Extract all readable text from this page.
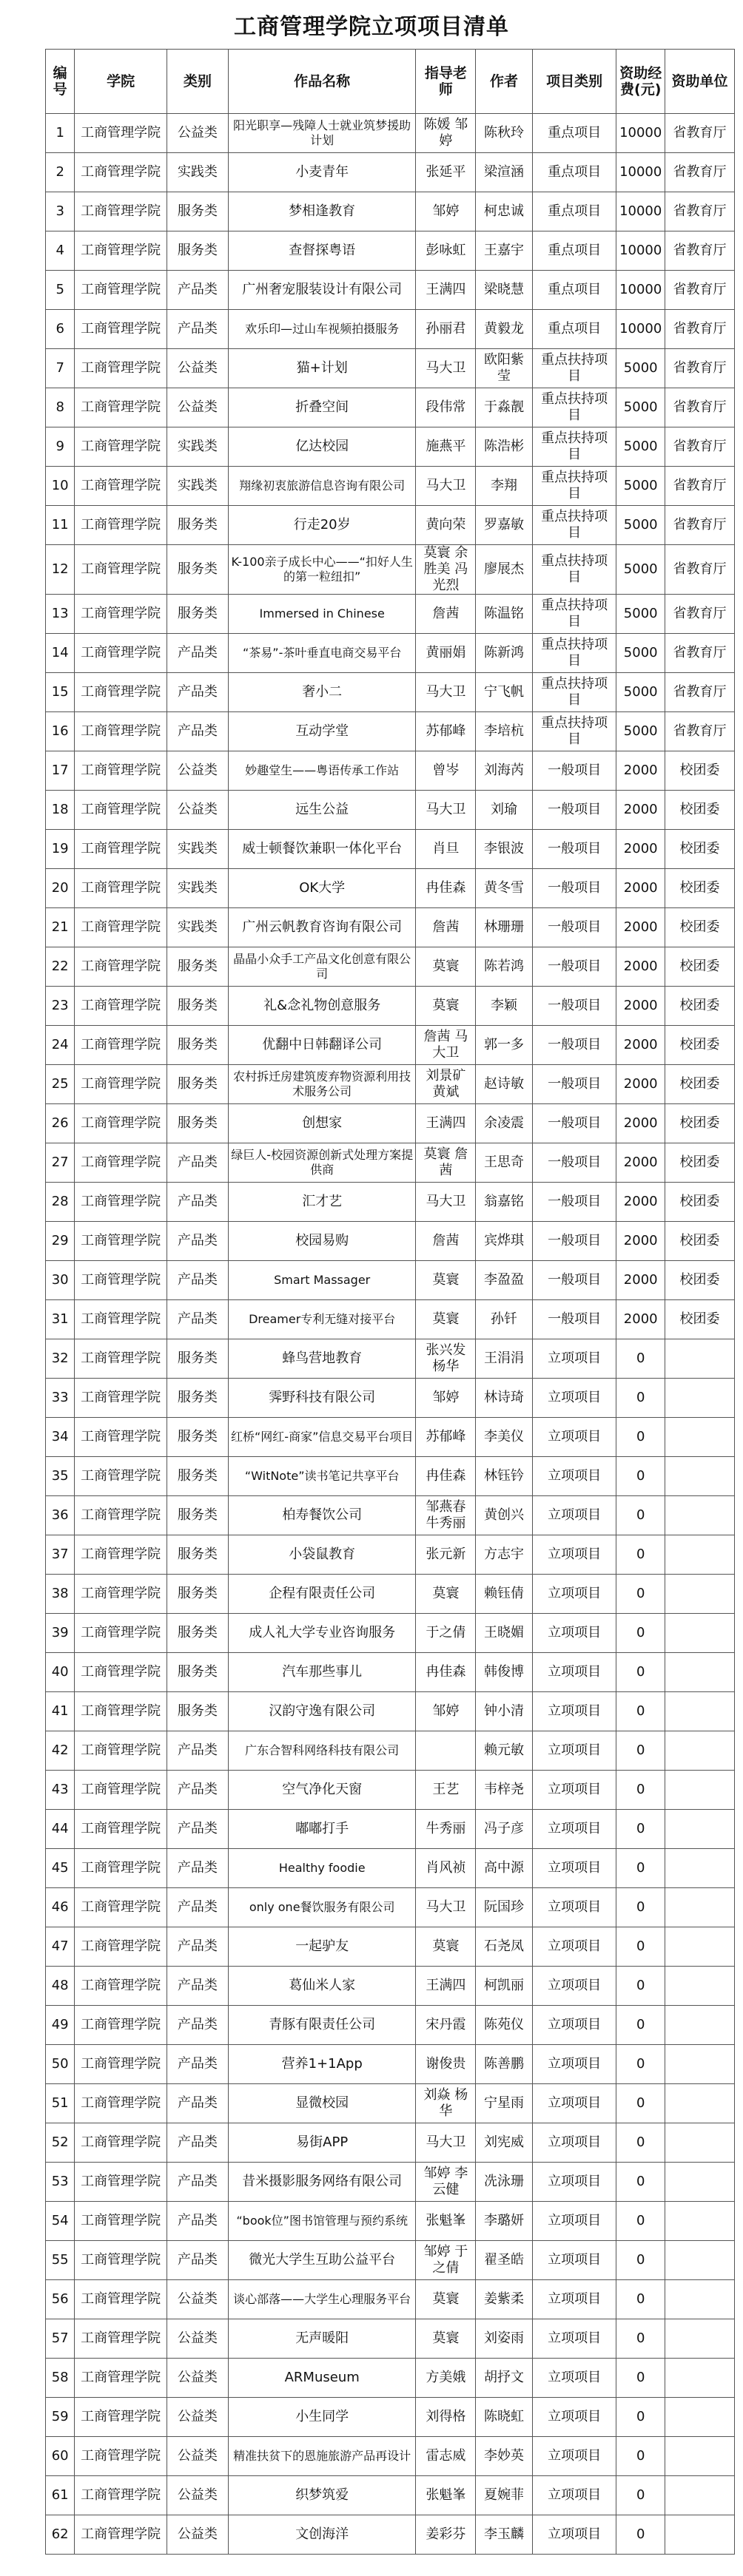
工商管理学院立项项目清单
编号	学院	类别	作品名称	指导老师	作者	项目类别	资助经费(元)	资助单位
1	工商管理学院	公益类	阳光职享—残障人士就业筑梦援助计划	陈媛 邹婷	陈秋玲	重点项目	10000	省教育厅
2	工商管理学院	实践类	小麦青年	张延平	梁渲涵	重点项目	10000	省教育厅
3	工商管理学院	服务类	梦相逢教育	邹婷	柯忠诚	重点项目	10000	省教育厅
4	工商管理学院	服务类	查督探粤语	彭咏虹	王嘉宇	重点项目	10000	省教育厅
5	工商管理学院	产品类	广州奢宠服装设计有限公司	王满四	梁晓慧	重点项目	10000	省教育厅
6	工商管理学院	产品类	欢乐印—过山车视频拍摄服务	孙丽君	黄毅龙	重点项目	10000	省教育厅
7	工商管理学院	公益类	猫+计划	马大卫	欧阳紫莹	重点扶持项目	5000	省教育厅
8	工商管理学院	公益类	折叠空间	段伟常	于淼靓	重点扶持项目	5000	省教育厅
9	工商管理学院	实践类	亿达校园	施燕平	陈浩彬	重点扶持项目	5000	省教育厅
10	工商管理学院	实践类	翔缘初衷旅游信息咨询有限公司	马大卫	李翔	重点扶持项目	5000	省教育厅
11	工商管理学院	服务类	行走20岁	黄向荣	罗嘉敏	重点扶持项目	5000	省教育厅
12	工商管理学院	服务类	K-100亲子成长中心——“扣好人生的第一粒纽扣”	莫寰 余胜美 冯光烈	廖展杰	重点扶持项目	5000	省教育厅
13	工商管理学院	服务类	Immersed in Chinese	詹茜	陈温铭	重点扶持项目	5000	省教育厅
14	工商管理学院	产品类	“茶易”-茶叶垂直电商交易平台	黄丽娟	陈新鸿	重点扶持项目	5000	省教育厅
15	工商管理学院	产品类	奢小二	马大卫	宁飞帆	重点扶持项目	5000	省教育厅
16	工商管理学院	产品类	互动学堂	苏郁峰	李培杭	重点扶持项目	5000	省教育厅
17	工商管理学院	公益类	妙趣堂生——粤语传承工作站	曾岑	刘海芮	一般项目	2000	校团委
18	工商管理学院	公益类	远生公益	马大卫	刘瑜	一般项目	2000	校团委
19	工商管理学院	实践类	威士顿餐饮兼职一体化平台	肖旦	李银波	一般项目	2000	校团委
20	工商管理学院	实践类	OK大学	冉佳森	黄冬雪	一般项目	2000	校团委
21	工商管理学院	实践类	广州云帆教育咨询有限公司	詹茜	林珊珊	一般项目	2000	校团委
22	工商管理学院	服务类	晶晶小众手工产品文化创意有限公司	莫寰	陈若鸿	一般项目	2000	校团委
23	工商管理学院	服务类	礼&念礼物创意服务	莫寰	李颖	一般项目	2000	校团委
24	工商管理学院	服务类	优翻中日韩翻译公司	詹茜 马大卫	郭一多	一般项目	2000	校团委
25	工商管理学院	服务类	农村拆迁房建筑废弃物资源利用技术服务公司	刘景矿 黄斌	赵诗敏	一般项目	2000	校团委
26	工商管理学院	服务类	创想家	王满四	余凌震	一般项目	2000	校团委
27	工商管理学院	产品类	绿巨人-校园资源创新式处理方案提供商	莫寰 詹茜	王思奇	一般项目	2000	校团委
28	工商管理学院	产品类	汇才艺	马大卫	翁嘉铭	一般项目	2000	校团委
29	工商管理学院	产品类	校园易购	詹茜	宾烨琪	一般项目	2000	校团委
30	工商管理学院	产品类	Smart Massager	莫寰	李盈盈	一般项目	2000	校团委
31	工商管理学院	产品类	Dreamer专利无缝对接平台	莫寰	孙钎	一般项目	2000	校团委
32	工商管理学院	服务类	蜂鸟营地教育	张兴发 杨华	王涓涓	立项项目	0	
33	工商管理学院	服务类	霁野科技有限公司	邹婷	林诗琦	立项项目	0	
34	工商管理学院	服务类	红桥“网红-商家”信息交易平台项目	苏郁峰	李美仪	立项项目	0	
35	工商管理学院	服务类	“WitNote”读书笔记共享平台	冉佳森	林钰钤	立项项目	0	
36	工商管理学院	服务类	柏寿餐饮公司	邹燕春 牛秀丽	黄创兴	立项项目	0	
37	工商管理学院	服务类	小袋鼠教育	张元新	方志宇	立项项目	0	
38	工商管理学院	服务类	企程有限责任公司	莫寰	赖钰倩	立项项目	0	
39	工商管理学院	服务类	成人礼大学专业咨询服务	于之倩	王晓媚	立项项目	0	
40	工商管理学院	服务类	汽车那些事儿	冉佳森	韩俊博	立项项目	0	
41	工商管理学院	服务类	汉韵守逸有限公司	邹婷	钟小清	立项项目	0	
42	工商管理学院	产品类	广东合智科网络科技有限公司		赖元敏	立项项目	0	
43	工商管理学院	产品类	空气净化天窗	王艺	韦梓尧	立项项目	0	
44	工商管理学院	产品类	嘟嘟打手	牛秀丽	冯子彦	立项项目	0	
45	工商管理学院	产品类	Healthy foodie	肖风祯	高中源	立项项目	0	
46	工商管理学院	产品类	only one餐饮服务有限公司	马大卫	阮国珍	立项项目	0	
47	工商管理学院	产品类	一起驴友	莫寰	石尧凤	立项项目	0	
48	工商管理学院	产品类	葛仙米人家	王满四	柯凯丽	立项项目	0	
49	工商管理学院	产品类	青豚有限责任公司	宋丹霞	陈苑仪	立项项目	0	
50	工商管理学院	产品类	营养1+1App	谢俊贵	陈善鹏	立项项目	0	
51	工商管理学院	产品类	显微校园	刘焱 杨华	宁星雨	立项项目	0	
52	工商管理学院	产品类	易街APP	马大卫	刘宪威	立项项目	0	
53	工商管理学院	产品类	昔米摄影服务网络有限公司	邹婷 李云健	冼泳珊	立项项目	0	
54	工商管理学院	产品类	“book位”图书馆管理与预约系统	张魁峯	李璐妍	立项项目	0	
55	工商管理学院	产品类	微光大学生互助公益平台	邹婷 于之倩	翟圣皓	立项项目	0	
56	工商管理学院	公益类	谈心部落——大学生心理服务平台	莫寰	姜紫柔	立项项目	0	
57	工商管理学院	公益类	无声暖阳	莫寰	刘姿雨	立项项目	0	
58	工商管理学院	公益类	ARMuseum	方美娥	胡抒文	立项项目	0	
59	工商管理学院	公益类	小生同学	刘得格	陈晓虹	立项项目	0	
60	工商管理学院	公益类	精准扶贫下的恩施旅游产品再设计	雷志威	李妙英	立项项目	0	
61	工商管理学院	公益类	织梦筑爱	张魁峯	夏婉菲	立项项目	0	
62	工商管理学院	公益类	文创海洋	姜彩芬	李玉麟	立项项目	0	
